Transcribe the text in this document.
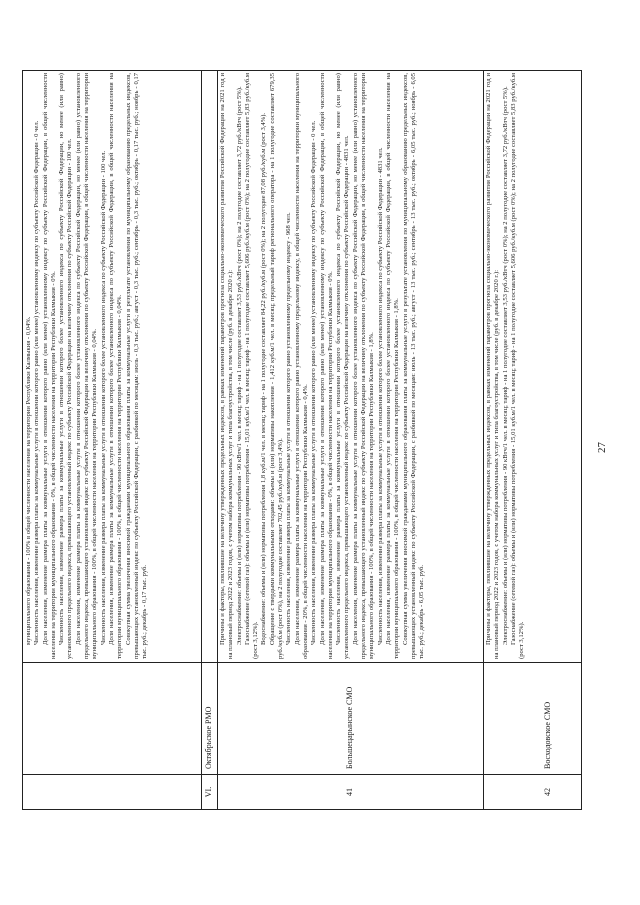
муниципального образования - 100% в общей численности населения на территории Республики Калмыкия - 0,04%. Численность населения, изменение размера платы за коммунальные услуги в отношении которого равно (или менее) установленному индексу по субъекту Российской Федерации - 0 чел. Доля населения, изменение размера платы за коммунальные услуги в отношении которого равно (или менее) установленному индексу по субъекту Российской Федерации, в общей численности населения на территории муниципального образования - 0%, в общей численности населения на территории Республики Калмыкия - 0%. Численность населения, изменение размера платы за коммунальные услуги в отношении которого более установленного индекса по субъекту Российской Федерации, но менее (или равно) установленного предельного индекса, превышающего установленный индекс по субъекту Российской Федерации на величину отклонения по субъекту Российской Федерации - 100 чел. Доля населения, изменение размера платы за коммунальные услуги в отношении которого более установленного индекса по субъекту Российской Федерации, но менее (или равно) установленного предельного индекса, превышающего установленный индекс по субъекту Российской Федерации на величину отклонения по субъекту Российской Федерации, в общей численности населения на территории муниципального образования - 100%, в общей численности населения на территории Республики Калмыкия - 0,04%. Численность населения, изменение размера платы за коммунальные услуги в отношении которого более установленного индекса по субъекту Российской Федерации - 100 чел. Доля населения, изменение размера платы за коммунальные услуги в отношении которого более установленного индекса по субъекту Российской Федерации, в общей численности населения на территории муниципального образования - 100%, в общей численности населения на территории Республики Калмыкия - 0,04%. Совокупная сумма увеличения вносимой гражданами муниципального образования платы за коммунальные услуги в результате установления по муниципальному образованию предельных индексов, превышающих установленный индекс по субъекту Российской Федерации, с разбивкой по месяцам: июль - 0,3 тыс. руб.; август - 0,3 тыс. руб.; сентябрь - 0,3 тыс. руб.; октябрь - 0,17 тыс. руб.; ноябрь - 0,17 тыс. руб.; декабрь - 0,17 тыс. руб.

VI.
Октябрьское РМО
41
Большецарынское СМО

Причины и факторы, повлиявшие на величину утвержденных предельных индексов, в рамках изменений параметров прогноза социально-экономического развития Российской Федерации на 2021 год и на плановый период 2022 и 2023 годов, с учетом набора коммунальных услуг и типа благоустройства, в том числе (руб. в декабре 2020 г.): Электроснабжение: объемы и (или) нормативы потребления - 90 кВтч/1 чел. в месяц; тариф - на 1 полугодие составляет 3,53 руб./кВтч (рост 0%); на 2 полугодие составляет 3,72 руб./кВтч (рост 5%). Газоснабжение (сетевой газ): объемы и (или) нормативы потребления - 15,01 куб.м/1 чел. в месяц; тариф - на 1 полугодие составляет 5,606 руб./куб.м (рост 0%); на 2 полугодие составляет 5,83 руб./куб.м (рост 3,12%). Водоснабжение: объемы и (или) нормативы потребления 1,8 куб.м/1 чел. в месяц; тариф - на 1 полугодие составляет 84,22 руб./куб.м (рост 0%); на 2 полугодие 87,08 руб./куб.м (рост 3,4%). Обращение с твердыми коммунальными отходами: объемы и (или) нормативы накопления - 1,412 куб.м/1 чел. в месяц; предельный тариф регионального оператора - на 1 полугодие составляет 679,35 руб./куб.м (рост 0%), на 2 полугодие составляет 702,45 руб./куб.м (рост 3,4%). Численность населения, изменение размера платы за коммунальные услуги в отношении которого равно установленному предельному индексу - 968 чел. Доля населения, изменение размера платы за коммунальные услуги в отношении которого равно установленному предельному индексу, в общей численности населения на территории муниципального образования - 20%, в общей численности населения на территории Республики Калмыкия - 0,4%. Численность населения, изменение размера платы за коммунальные услуги в отношении которого равно (или менее) установленному индексу по субъекту Российской Федерации - 0 чел. Доля населения, изменение размера платы за коммунальные услуги в отношении которого равно (или менее) установленному индексу по субъекту Российской Федерации, в общей численности населения на территории муниципального образования - 0%, в общей численности населения на территории Республики Калмыкия - 0%. Численность населения, изменение размера платы за коммунальные услуги в отношении которого более установленного индекса по субъекту Российской Федерации, но менее (или равно) установленного предельного индекса, превышающего установленный индекс по субъекту Российской Федерации на величину отклонения по субъекту Российской Федерации - 4831 чел. Доля населения, изменение размера платы за коммунальные услуги в отношении которого более установленного индекса по субъекту Российской Федерации, но менее (или равно) установленного предельного индекса, превышающего установленный индекс по субъекту Российской Федерации на величину отклонения по субъекту Российской Федерации, в общей численности населения на территории муниципального образования - 100%, в общей численности населения на территории Республики Калмыкия - 1,8%. Численность населения, изменение размера платы за коммунальные услуги в отношении которого более установленного индекса по субъекту Российской Федерации - 4831 чел. Доля населения, изменение размера платы за коммунальные услуги в отношении которого более установленного индекса по субъекту Российской Федерации, в общей численности населения на территории муниципального образования - 100%, в общей численности населения на территории Республики Калмыкия - 1,8%. Совокупная сумма увеличения вносимой гражданами муниципального образования платы за коммунальные услуги в результате установления по муниципальному образованию предельных индексов, превышающих установленный индекс по субъекту Российской Федерации, с разбивкой по месяцам: июль - 13 тыс. руб.; август - 13 тыс. руб.; сентябрь - 13 тыс. руб.; октябрь - 6,05 тыс. руб.; ноябрь - 6,05 тыс. руб.; декабрь - 6,05 тыс. руб.

42
Восходовское СМО

Причины и факторы, повлиявшие на величину утвержденных предельных индексов, в рамках изменений параметров прогноза социально-экономического развития Российской Федерации на 2021 год и на плановый период 2022 и 2023 годов, с учетом набора коммунальных услуг и типа благоустройства, в том числе (руб. в декабре 2020 г.): Электроснабжение: объемы и (или) нормативы потребления - 90 кВтч/1 чел. в месяц; тариф - на 1 полугодие составляет 3,53 руб./кВтч (рост 0%); на 2 полугодие составляет 3,72 руб./кВтч (рост 5%). Газоснабжение (сетевой газ): объемы и (или) нормативы потребления - 15,01 куб.м/1 чел. в месяц; тариф - на 1 полугодие составляет 5,606 руб./куб.м (рост 0%); на 2 полугодие составляет 5,83 руб./куб.м (рост 3,12%).

27
